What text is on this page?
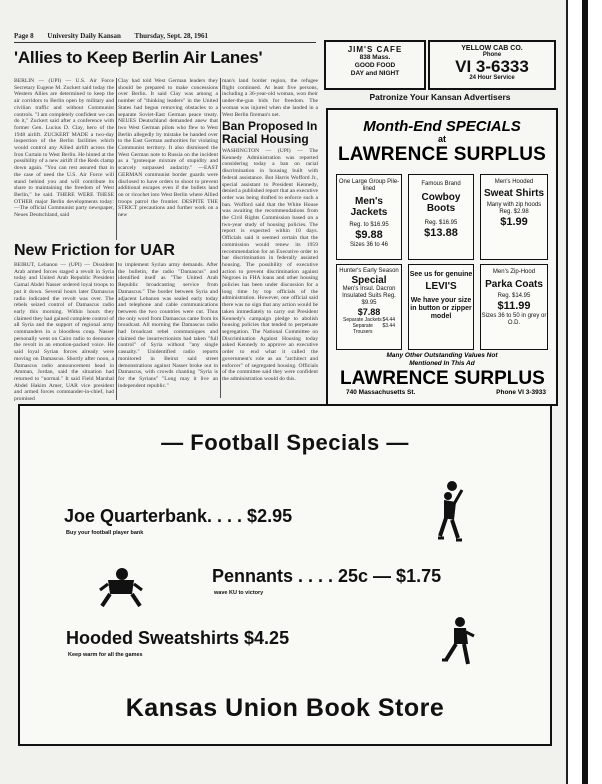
Page 8 University Daily Kansan Thursday, Sept. 28, 1961
'Allies to Keep Berlin Air Lanes'
BERLIN — (UPI) — U.S. Air Force Secretary Eugene M. Zuckert said today the Western Allies are determined to keep the air corridors to Berlin open by military and civilian traffic and without Communist controls. "I am completely confident we can do it," Zuckert said after a conference with former Gen. Lucius D. Clay, hero of the 1948 airlift. ZUCKERT MADE a two-day inspection of the Berlin facilities which would control any Allied airlift across the Iron Curtain to West Berlin. He hinted at the possibility of a new airlift if the Reds clamp down again. "You can rest assured that in the case of need the U.S. Air Force will stand behind you and will contribute its share to maintaining the freedom of West Berlin," he said. THERE WERE THESE OTHER major Berlin developments today: —The official Communist party newspaper, Neues Deutschland, said
Clay had told West German leaders they should be prepared to make concessions over Berlin. It said Clay was among a number of "thinking leaders" in the United States had begun removing obstacles to a separate Soviet-East German peace treaty. NEUES Deutschland demanded anew that two West German pilots who flew to West Berlin allegedly by mistake be handed over to the East German authorities for violating Communist territory. It also dismissed the West German note to Russia on the incident as a "grotesque mixture of stupidity and scarcely surpassed audacity." —EAST GERMAN communist border guards were disclosed to have orders to shoot to prevent additional escapes even if the bullets land on or ricochet into West Berlin where Allied troops patrol the frontier. DESPITE THE STRICT precautions and further work on a new
man's land border region, the refugee flight continued. At least five persons, including a 36-year-old woman, won their under-the-gun bids for freedom. The woman was injured when she landed in a West Berlin fireman's net.
Ban Proposed In Racial Housing
WASHINGTON — (UPI) — The Kennedy Administration was reported considering today a ban on racial discrimination in housing built with federal assistance. But Harris Wofford Jr., special assistant to President Kennedy, denied a published report that an executive order was being drafted to enforce such a ban. Wofford said that the White House was awaiting the recommendations from the Civil Rights Commission based on a two-year study of housing policies. The report is expected within 10 days. Officials said it seemed certain that the commission would renew its 1959 recommendation for an Executive order to bar discrimination in federally assisted housing. The possibility of executive action to prevent discrimination against Negroes in FHA loans and other housing policies has been under discussion for a long time by top officials of the administration. However, one official said there was no sign that any action would be taken immediately to carry out President Kennedy's campaign pledge to abolish housing policies that tended to perpetuate segregation. The National Committee on Discrimination Against Housing today asked Kennedy to approve an executive order to end what it called the government's role as an "architect and enforcer" of segregated housing. Officials of the committee said they were confident the administration would do this.
New Friction for UAR
BEIRUT, Lebanon — (UPI) — Dissident Arab armed forces staged a revolt in Syria today and United Arab Republic President Gamal Abdel Nasser ordered loyal troops to put it down. Several hours later Damascus radio indicated the revolt was over. The rebels seized control of Damascus radio early this morning. Within hours they claimed they had gained complete control of all Syria and the support of regional army commanders in a bloodless coup. Nasser personally went on Cairo radio to denounce the revolt in an emotion-packed voice. He said loyal Syrian forces already were moving on Damascus. Shortly after noon, a Damascus radio announcement head in Amman, Jordan, said the situation had returned to "normal." It said Field Marshal Abdel Hakim Amer, UAR vice president and armed forces commander-in-chief, had promised
to implement Syrian army demands. After the bulletin, the radio "Damascus" and identified itself as "The United Arab Republic broadcasting service from Damascus." The border between Syria and adjacent Lebanon was sealed early today and telephone and cable communications between the two countries were cut. Thus the only word from Damascus came from its broadcast. All morning the Damascus radio had broadcast rebel communiques and claimed the insurrectionists had taken "full control" of Syria without "any single casualty." Unidentified radio reports monitored in Beirut said street demonstrations against Nasser broke out in Damascus, with crowds chanting "Syria is for the Syrians" "Long may it live an independent republic."
JIM'S CAFE
838 Mass.
GOOD FOOD
DAY and NIGHT
YELLOW CAB CO.
Phone
VI 3-6333
24 Hour Service
Patronize Your Kansan Advertisers
Month-End SPECIALS
at
LAWRENCE SURPLUS
One Large Group Pile-lined
Men's Jackets
Reg. to $16.95
$9.88
Sizes 36 to 46
Famous Brand
Cowboy Boots
Reg. $16.95
$13.88
Men's Hooded
Sweat Shirts
Many with zip hoods Reg. $2.98
$1.99
Hunter's Early Season
Special
Men's Insul. Dacron Insulated Suits Reg. $9.95
$7.88
Separate Jackets $4.44
Separate Trousers
$3.44
See us for genuine
LEVI'S
We have your size in button or zipper model
Men's Zip-Hood
Parka Coats
Reg. $14.95
$11.99
Sizes 36 to 50 in grey or O.D.
Many Other Outstanding Values Not
Mentioned In This Ad
LAWRENCE SURPLUS
740 Massachusetts St.	Phone VI 3-3933
— Football Specials —
Joe Quarterbank. . . . $2.95
Buy your football player bank
Pennants . . . . 25c — $1.75
wave KU to victory
Hooded Sweatshirts $4.25
Keep warm for all the games
Kansas Union Book Store
